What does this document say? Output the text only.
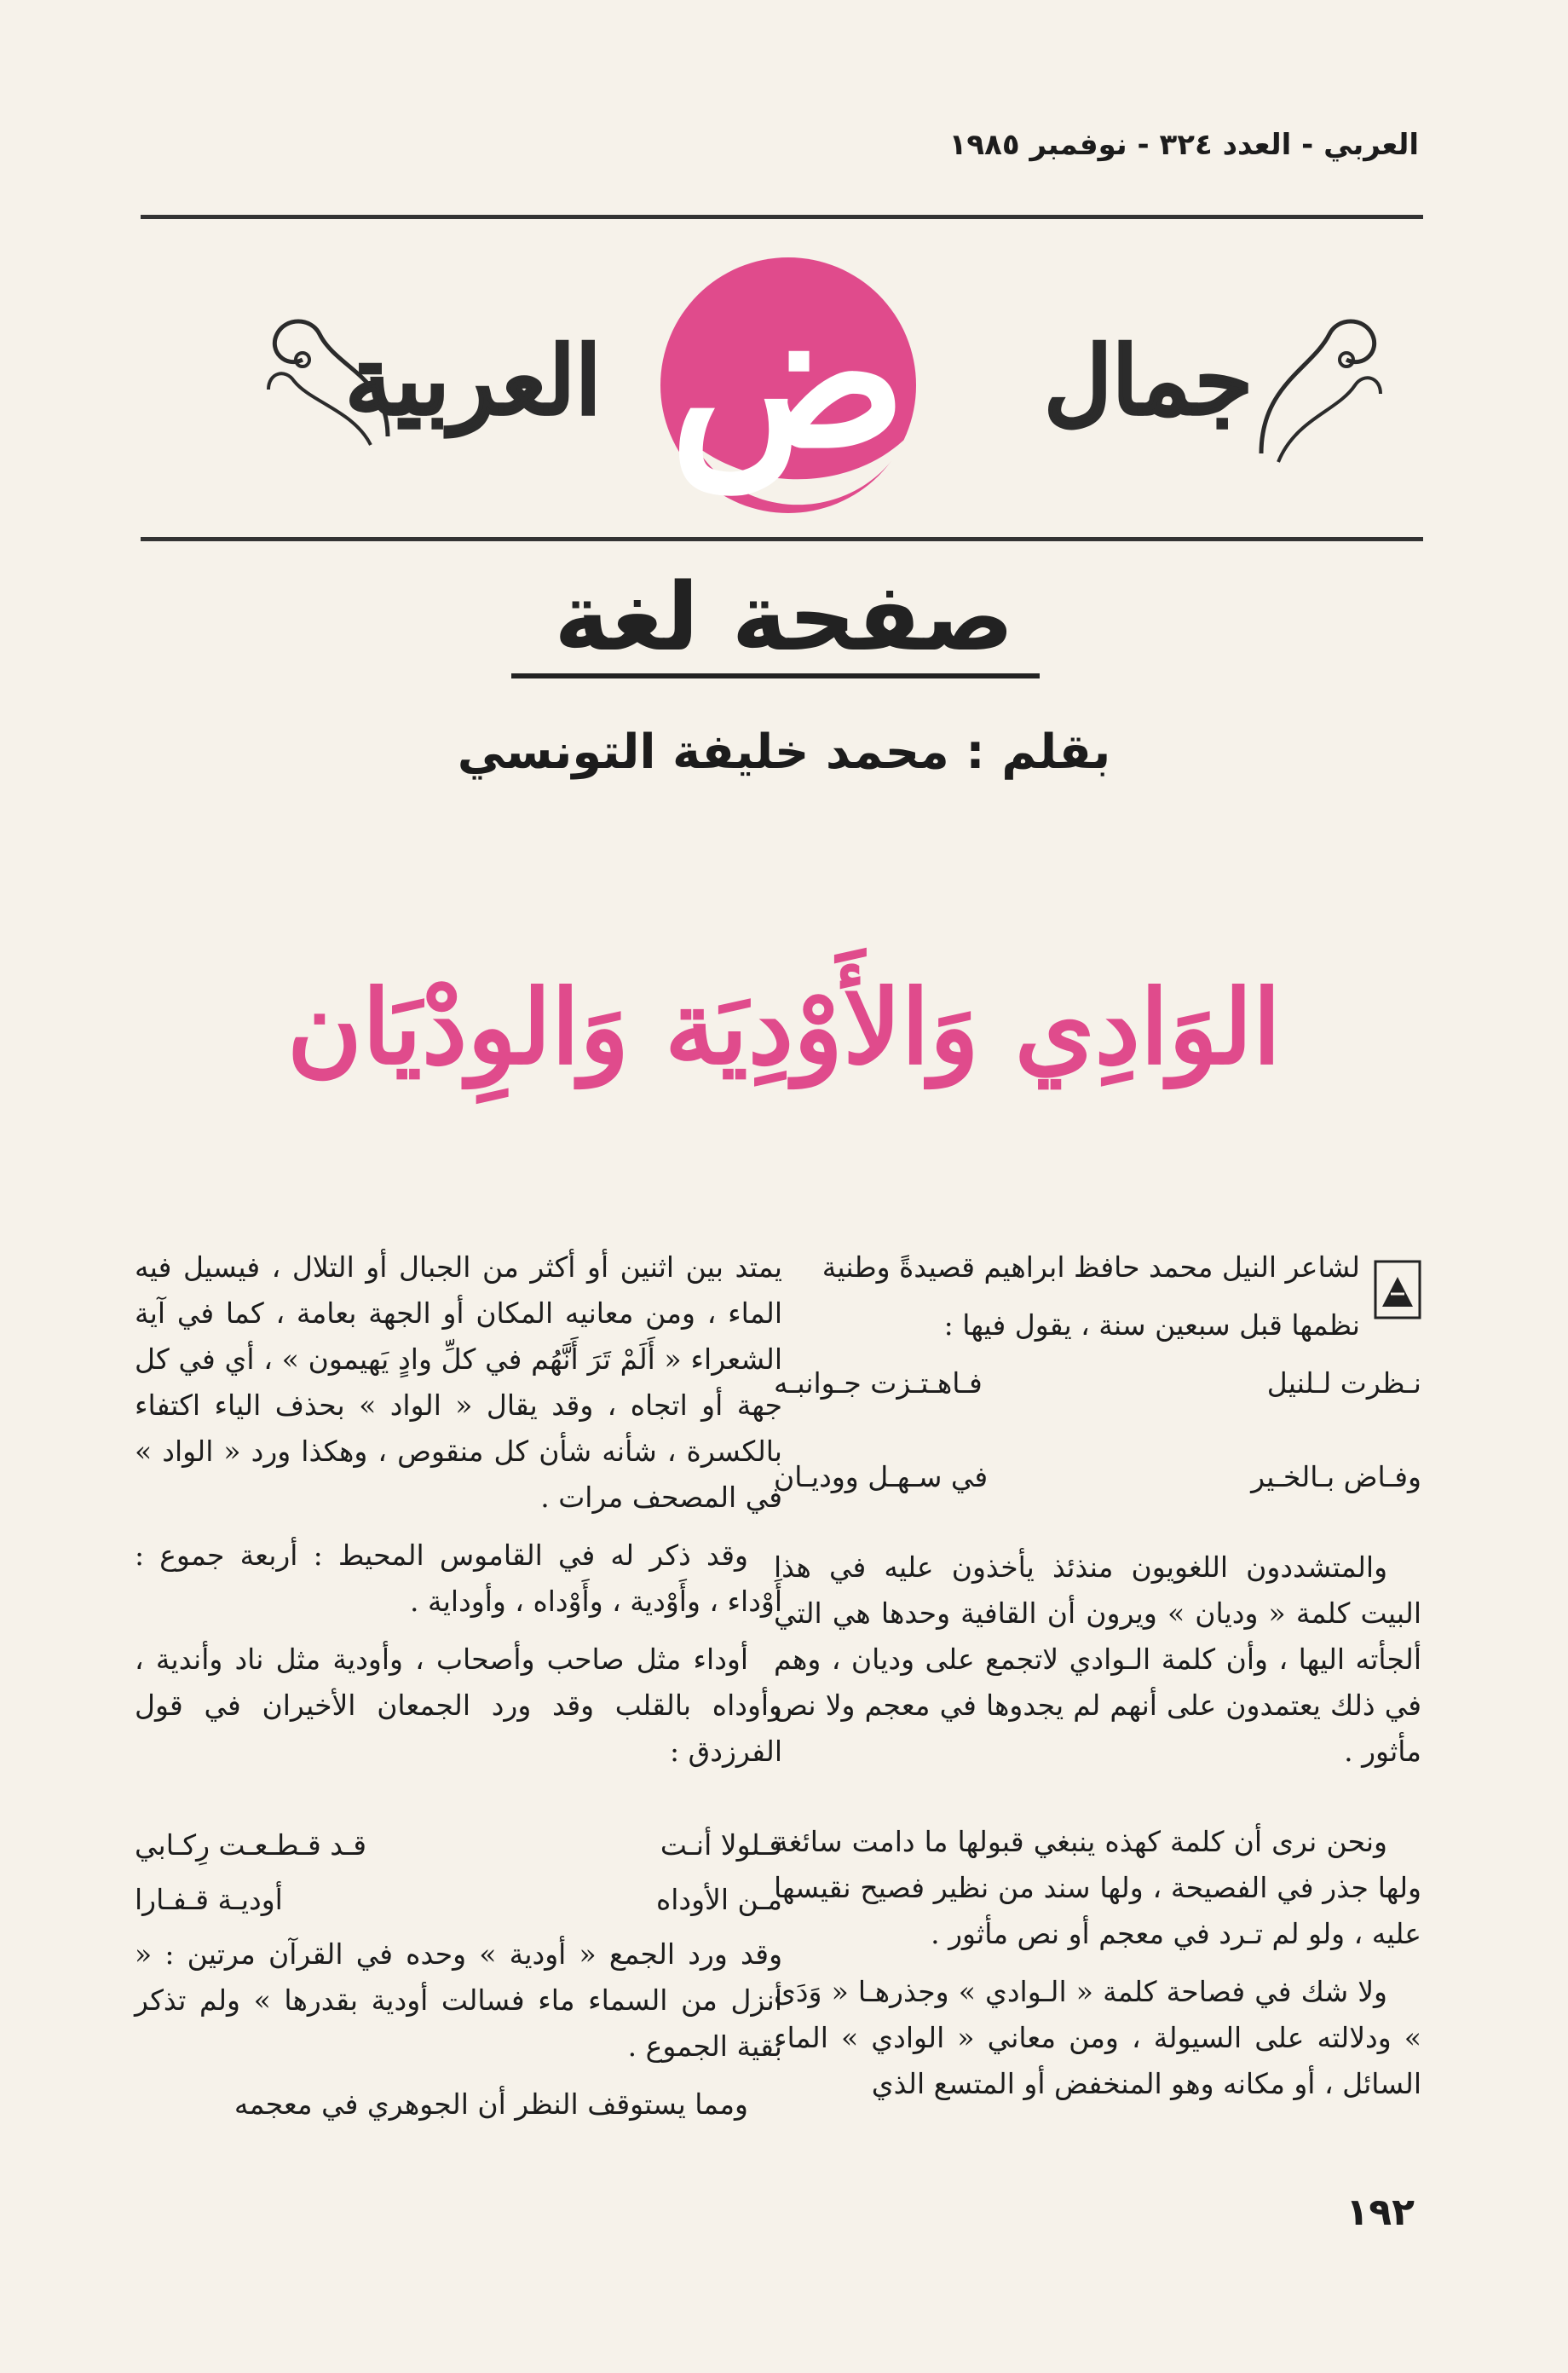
العربي - العدد ٣٢٤ - نوفمبر ١٩٨٥
جمال
ض
العربية
صفحة لغة
بقلم : محمد خليفة التونسي
الوَادِي وَالأَوْدِيَة وَالوِدْيَان

لشاعر النيل محمد حافظ ابراهيم قصيدةً وطنية

نظمها قبل سبعين سنة ، يقول فيها :

نـظرت لـلنيل
فـاهـتـزت جـوانبـه
وفـاض بـالخـير
في سـهـل ووديـان

والمتشددون اللغويون منذئذ يأخذون عليه في هذا البيت كلمة « وديان » ويرون أن القافية وحدها هي التي ألجأته اليها ، وأن كلمة الـوادي لاتجمع على وديان ، وهم في ذلك يعتمدون على أنهم لم يجدوها في معجم ولا نص مأثور .

ونحن نرى أن كلمة كهذه ينبغي قبولها ما دامت سائغة ولها جذر في الفصيحة ، ولها سند من نظير فصيح نقيسها عليه ، ولو لم تـرد في معجم أو نص مأثور .

ولا شك في فصاحة كلمة « الـوادي » وجذرهـا « وَدَى » ودلالته على السيولة ، ومن معاني « الوادي » الماء السائل ، أو مكانه وهو المنخفض أو المتسع الذي

يمتد بين اثنين أو أكثر من الجبال أو التلال ، فيسيل فيه الماء ، ومن معانيه المكان أو الجهة بعامة ، كما في آية الشعراء « أَلَمْ تَرَ أَنَّهُم في كلِّ وادٍ يَهيمون » ، أي في كل جهة أو اتجاه ، وقد يقال « الواد » بحذف الياء اكتفاء بالكسرة ، شأنه شأن كل منقوص ، وهكذا ورد « الواد » في المصحف مرات .

وقد ذكر له في القاموس المحيط : أربعة جموع : أَوْداء ، وأَوْدية ، وأَوْداه ، وأوداية .

أوداء مثل صاحب وأصحاب ، وأودية مثل ناد وأندية ، وأوداه بالقلب وقد ورد الجمعان الأخيران في قول الفرزدق :

فـلولا أنـت
قـد قـطـعـت رِكـابي
مـن الأوداه
أوديـة قـفـارا

وقد ورد الجمع « أودية » وحده في القرآن مرتين : « أنزل من السماء ماء فسالت أودية بقدرها » ولم تذكر بقية الجموع .

ومما يستوقف النظر أن الجوهري في معجمه

١٩٢
